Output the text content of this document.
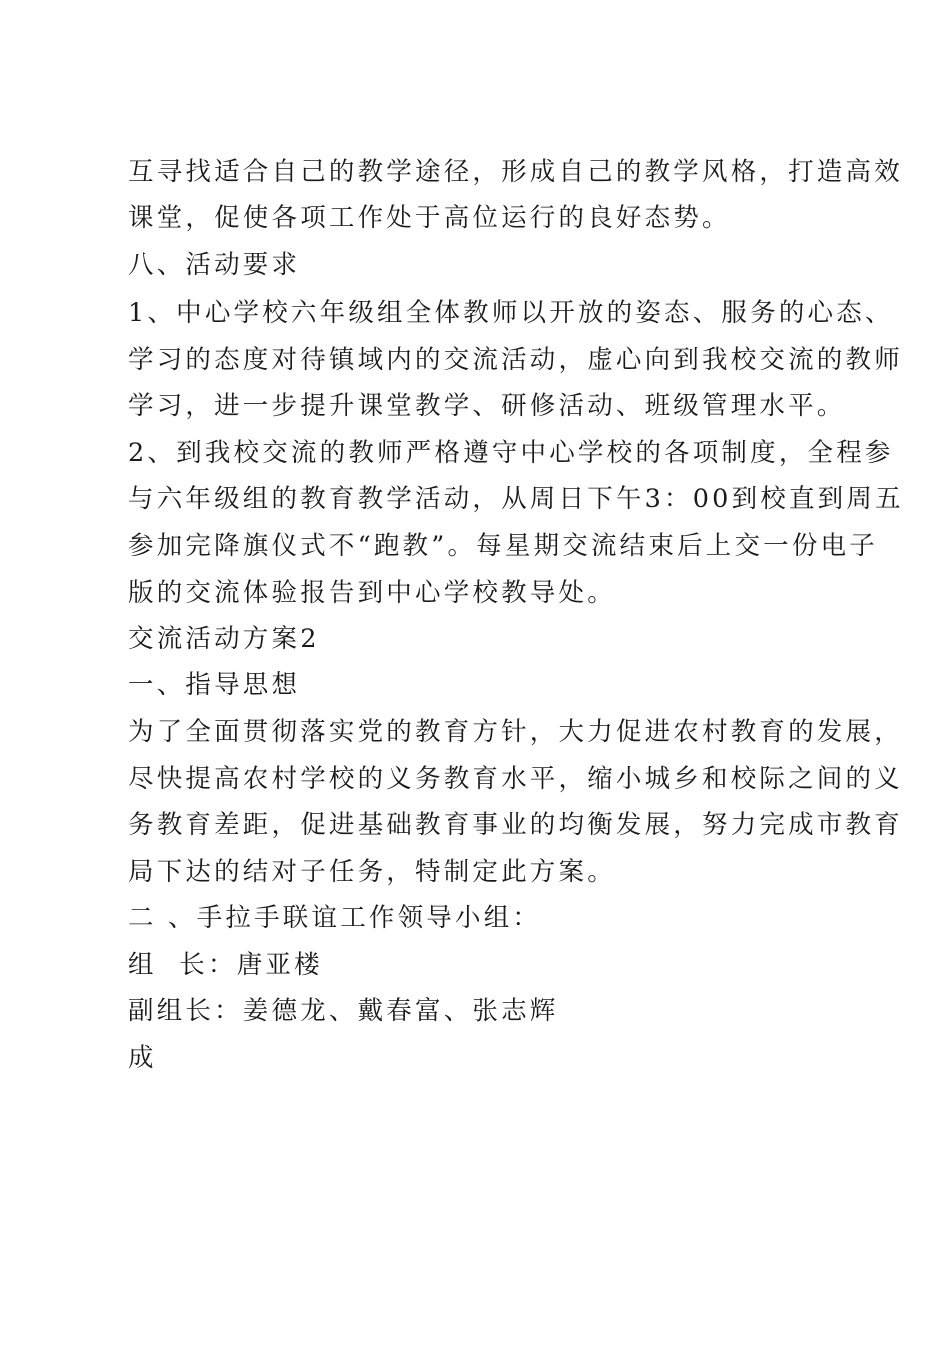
互寻找适合自己的教学途径，形成自己的教学风格，打造高效
课堂，促使各项工作处于高位运行的良好态势。
八、活动要求
1、中心学校六年级组全体教师以开放的姿态、服务的心态、
学习的态度对待镇域内的交流活动，虚心向到我校交流的教师
学习，进一步提升课堂教学、研修活动、班级管理水平。
2、到我校交流的教师严格遵守中心学校的各项制度，全程参
与六年级组的教育教学活动，从周日下午3：00到校直到周五
参加完降旗仪式不“跑教”。每星期交流结束后上交一份电子
版的交流体验报告到中心学校教导处。
交流活动方案2
一、指导思想
为了全面贯彻落实党的教育方针，大力促进农村教育的发展，
尽快提高农村学校的义务教育水平，缩小城乡和校际之间的义
务教育差距，促进基础教育事业的均衡发展，努力完成市教育
局下达的结对子任务，特制定此方案。
二 、手拉手联谊工作领导小组：
组  长：唐亚楼
副组长：姜德龙、戴春富、张志辉
成
